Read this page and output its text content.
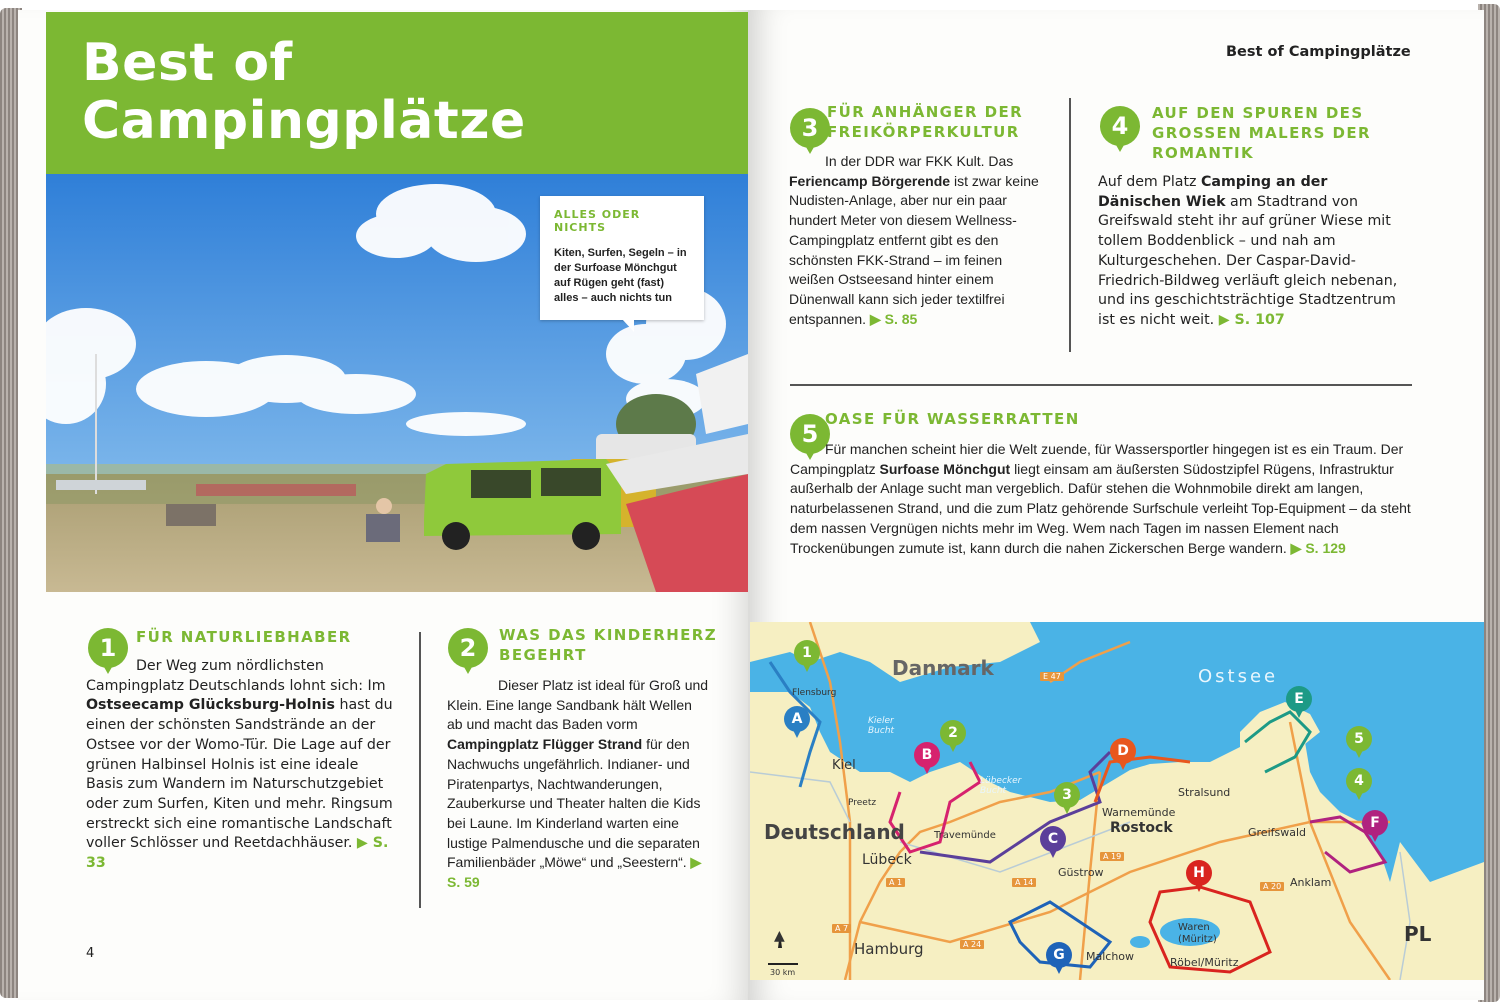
Best of
Campingplätze
ALLES ODER NICHTS
Kiten, Surfen, Segeln – in der Surfoase Mönchgut auf Rügen geht (fast) alles – auch nichts tun
1	FÜR NATURLIEBHABER
Der Weg zum nördlichsten Campingplatz Deutschlands lohnt sich: Im Ostseecamp Glücksburg-Holnis hast du einen der schönsten Sandstrände an der Ostsee vor der Womo-Tür. Die Lage auf der grünen Halbinsel Holnis ist eine ideale Basis zum Wandern im Naturschutzgebiet oder zum Surfen, Kiten und mehr. Ringsum erstreckt sich eine romantische Landschaft voller Schlösser und Reetdachhäuser. ▶ S. 33
2	WAS DAS KINDERHERZ
BEGEHRT
Dieser Platz ist ideal für Groß und Klein. Eine lange Sandbank hält Wellen ab und macht das Baden vorm Campingplatz Flügger Strand für den Nachwuchs ungefährlich. Indianer- und Piratenpartys, Nachtwanderungen, Zauberkurse und Theater halten die Kids bei Laune. Im Kinderland warten eine lustige Palmendusche und die separaten Familienbäder „Möwe“ und „Seestern“. ▶ S. 59
4
Best of Campingplätze
3
FÜR ANHÄNGER DER
FREIKÖRPERKULTUR
In der DDR war FKK Kult. Das Feriencamp Börgerende ist zwar keine Nudisten-Anlage, aber nur ein paar hundert Meter von diesem Wellness-Campingplatz entfernt gibt es den schönsten FKK-Strand – im feinen weißen Ostseesand hinter einem Dünenwall kann sich jeder textilfrei entspannen. ▶ S. 85
4	AUF DEN SPUREN DES
GROSSEN MALERS DER
ROMANTIK
Auf dem Platz Camping an der Dänischen Wiek am Stadtrand von Greifswald steht ihr auf grüner Wiese mit tollem Boddenblick – und nah am Kulturgeschehen. Der Caspar-David-Friedrich-Bildweg verläuft gleich nebenan, und ins geschichtsträchtige Stadtzentrum ist es nicht weit. ▶ S. 107
5
OASE FÜR WASSERRATTEN
Für manchen scheint hier die Welt zuende, für Wassersportler hingegen ist es ein Traum. Der Campingplatz Surfoase Mönchgut liegt einsam am äußersten Südostzipfel Rügens, Infrastruktur außerhalb der Anlage sucht man vergeblich. Dafür stehen die Wohnmobile direkt am langen, naturbelassenen Strand, und die zum Platz gehörende Surfschule verleiht Top-Equipment – da steht dem nassen Vergnügen nichts mehr im Weg. Wem nach Tagen im nassen Element nach Trockenübungen zumute ist, kann durch die nahen Zickerschen Berge wandern. ▶ S. 129
Danmark	Ostsee
Deutschland
Flensburg
Kiel
Kieler Bucht
Lübecker Bucht
Preetz
Travemünde
Lübeck
Warnemünde
Rostock
Stralsund
Greifswald
Anklam
Güstrow
Hamburg	Malchow
Waren (Müritz)
Röbel/Müritz
PL
30 km
▲
E 47
A 1
A 7
A 19
A 14	A 20
A 24
1
2
3
4
5
A
B
C
D
E
F
G
H
